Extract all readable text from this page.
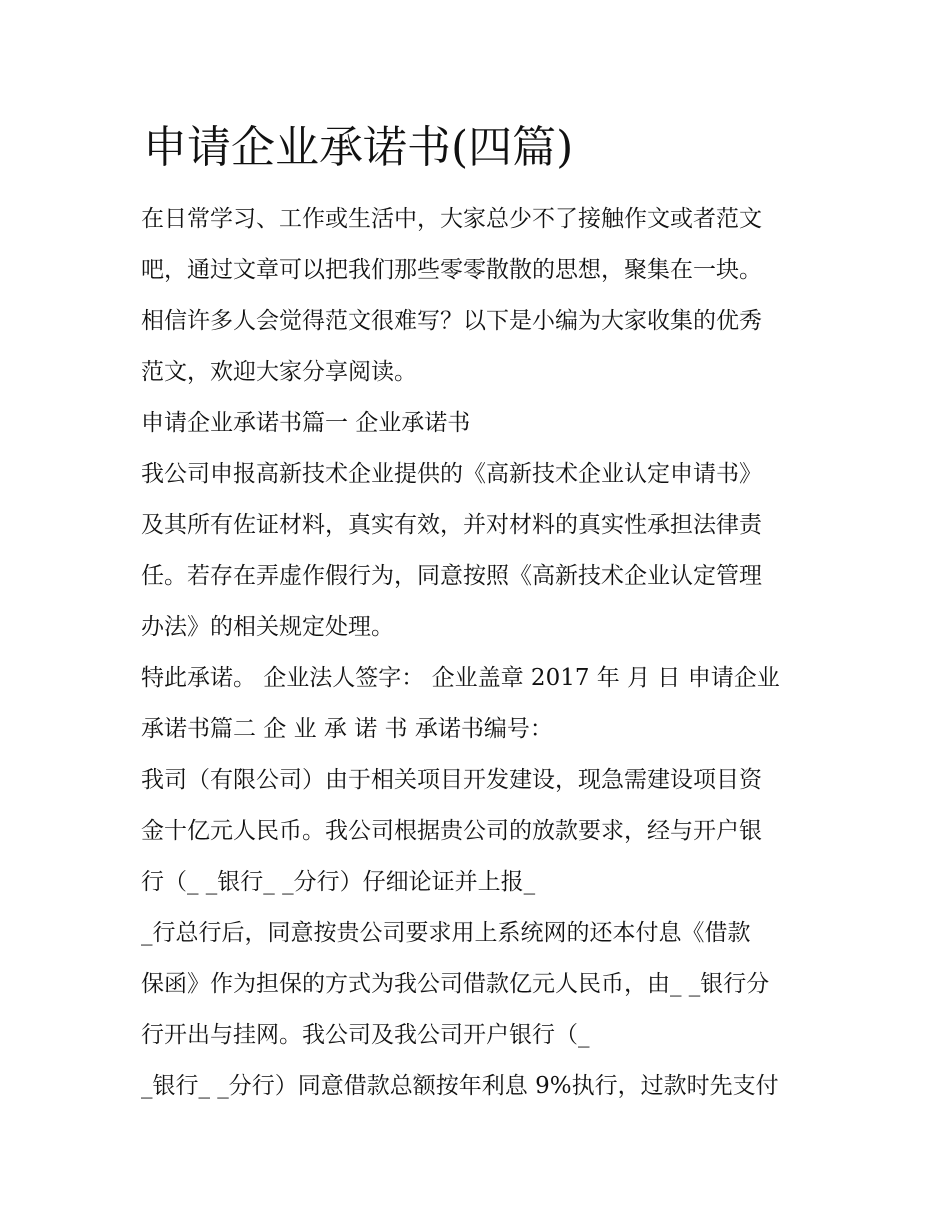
申请企业承诺书(四篇)

在日常学习、工作或生活中，大家总少不了接触作文或者范文

吧，通过文章可以把我们那些零零散散的思想，聚集在一块。

相信许多人会觉得范文很难写？以下是小编为大家收集的优秀

范文，欢迎大家分享阅读。

申请企业承诺书篇一 企业承诺书

我公司申报高新技术企业提供的《高新技术企业认定申请书》

及其所有佐证材料，真实有效，并对材料的真实性承担法律责

任。若存在弄虚作假行为，同意按照《高新技术企业认定管理

办法》的相关规定处理。

特此承诺。 企业法人签字： 企业盖章 2017 年 月 日 申请企业

承诺书篇二 企 业 承 诺 书 承诺书编号：

我司（有限公司）由于相关项目开发建设，现急需建设项目资

金十亿元人民币。我公司根据贵公司的放款要求，经与开户银

行（_ _银行_ _分行）仔细论证并上报_

_行总行后，同意按贵公司要求用上系统网的还本付息《借款

保函》作为担保的方式为我公司借款亿元人民币，由_ _银行分

行开出与挂网。我公司及我公司开户银行（_

_银行_ _分行）同意借款总额按年利息 9%执行，过款时先支付
